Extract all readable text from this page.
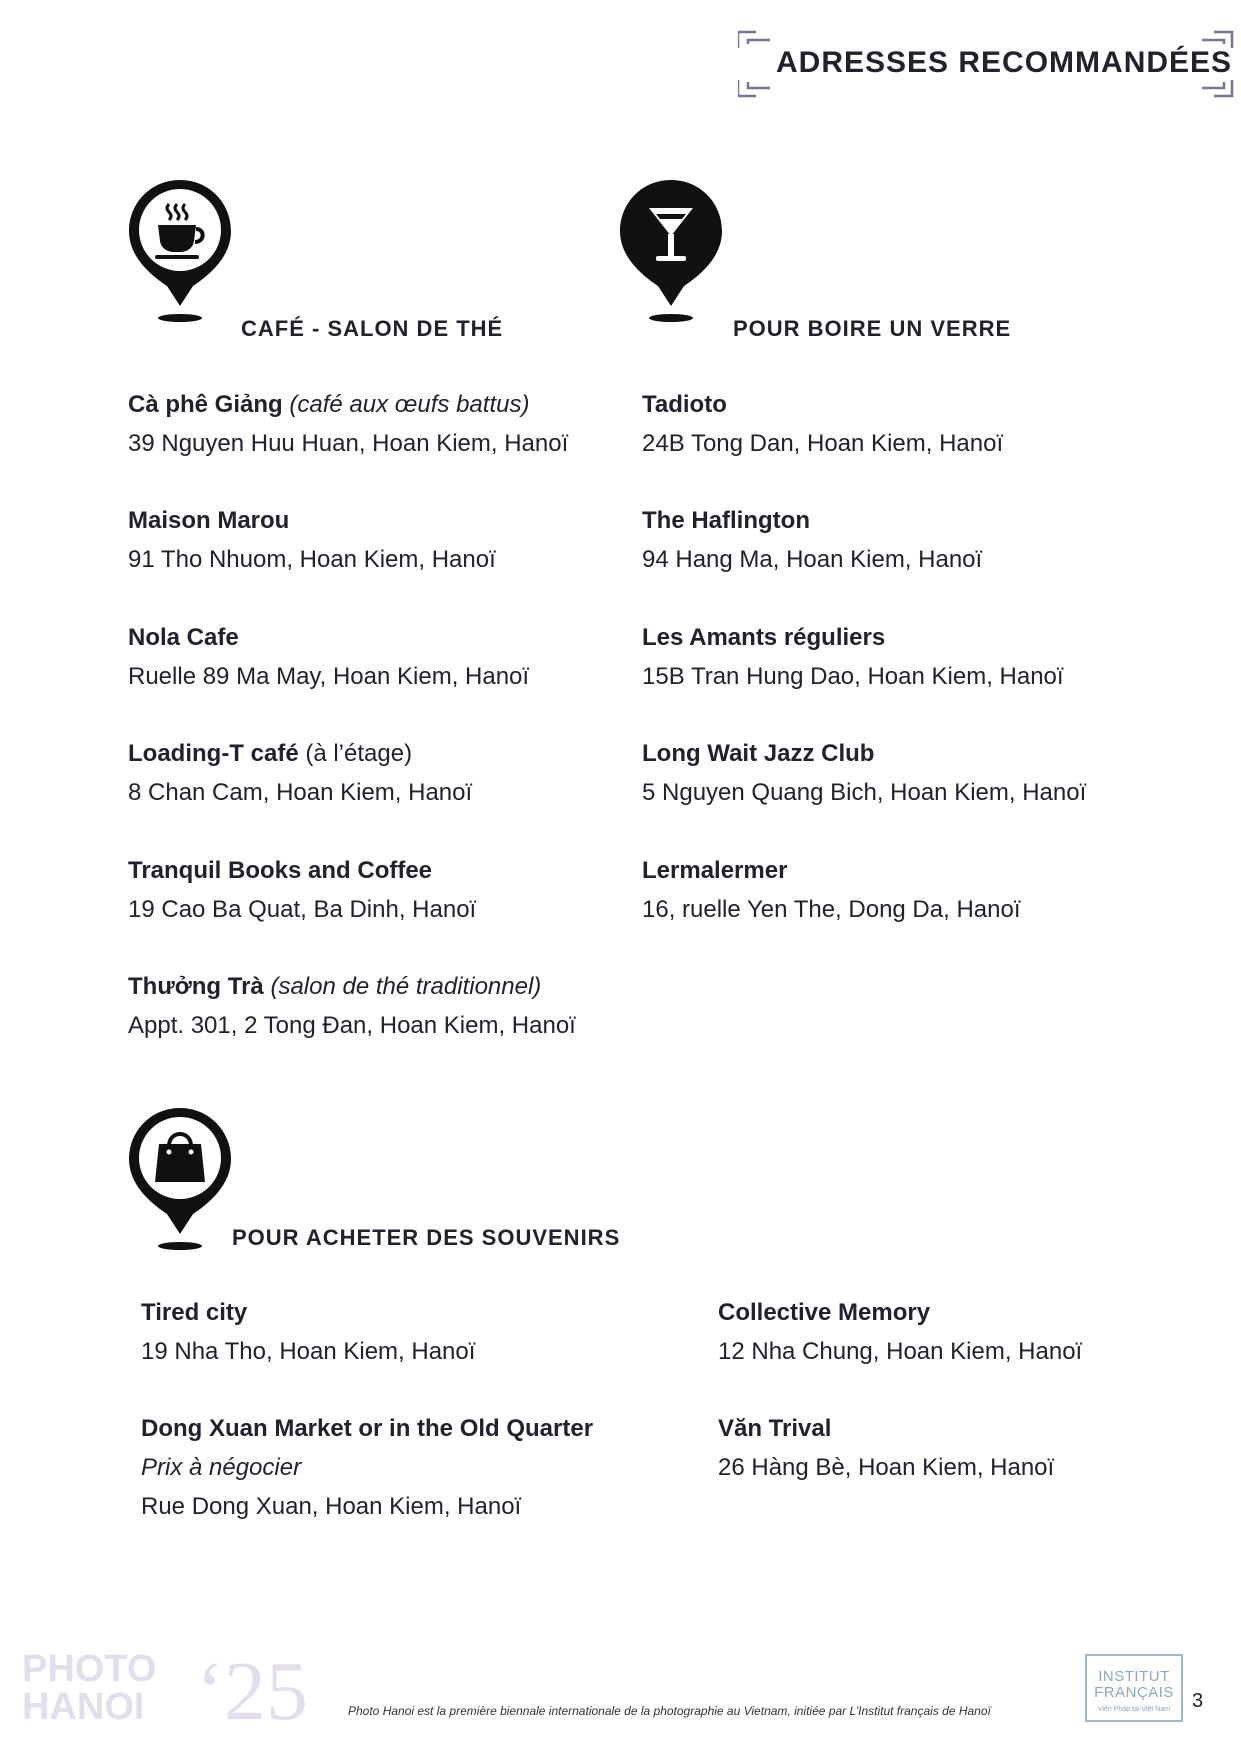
ADRESSES RECOMMANDÉES
CAFÉ - SALON DE THÉ	POUR BOIRE UN VERRE
Cà phê Giảng (café aux œufs battus)
39 Nguyen Huu Huan, Hoan Kiem, Hanoï
Maison Marou
91 Tho Nhuom, Hoan Kiem, Hanoï
Nola Cafe
Ruelle 89 Ma May, Hoan Kiem, Hanoï
Loading-T café (à l’étage)
8 Chan Cam, Hoan Kiem, Hanoï
Tranquil Books and Coffee
19 Cao Ba Quat, Ba Dinh, Hanoï
Thưởng Trà (salon de thé traditionnel)
Appt. 301, 2 Tong Đan, Hoan Kiem, Hanoï
Tadioto
24B Tong Dan, Hoan Kiem, Hanoï
The Haflington
94 Hang Ma, Hoan Kiem, Hanoï
Les Amants réguliers
15B Tran Hung Dao, Hoan Kiem, Hanoï
Long Wait Jazz Club
5 Nguyen Quang Bich, Hoan Kiem, Hanoï
Lermalermer
16, ruelle Yen The, Dong Da, Hanoï
POUR ACHETER DES SOUVENIRS
Tired city
19 Nha Tho, Hoan Kiem, Hanoï
Dong Xuan Market or in the Old Quarter
Prix à négocier
Rue Dong Xuan, Hoan Kiem, Hanoï
Collective Memory
12 Nha Chung, Hoan Kiem, Hanoï
Văn Trival
26 Hàng Bè, Hoan Kiem, Hanoï
PHOTO
HANOI ‘25	Photo Hanoi est la première biennale internationale de la photographie au Vietnam, initiée par L’Institut français de Hanoï
INSTITUT
FRANÇAIS
Viện Pháp tại Việt Nam	3
